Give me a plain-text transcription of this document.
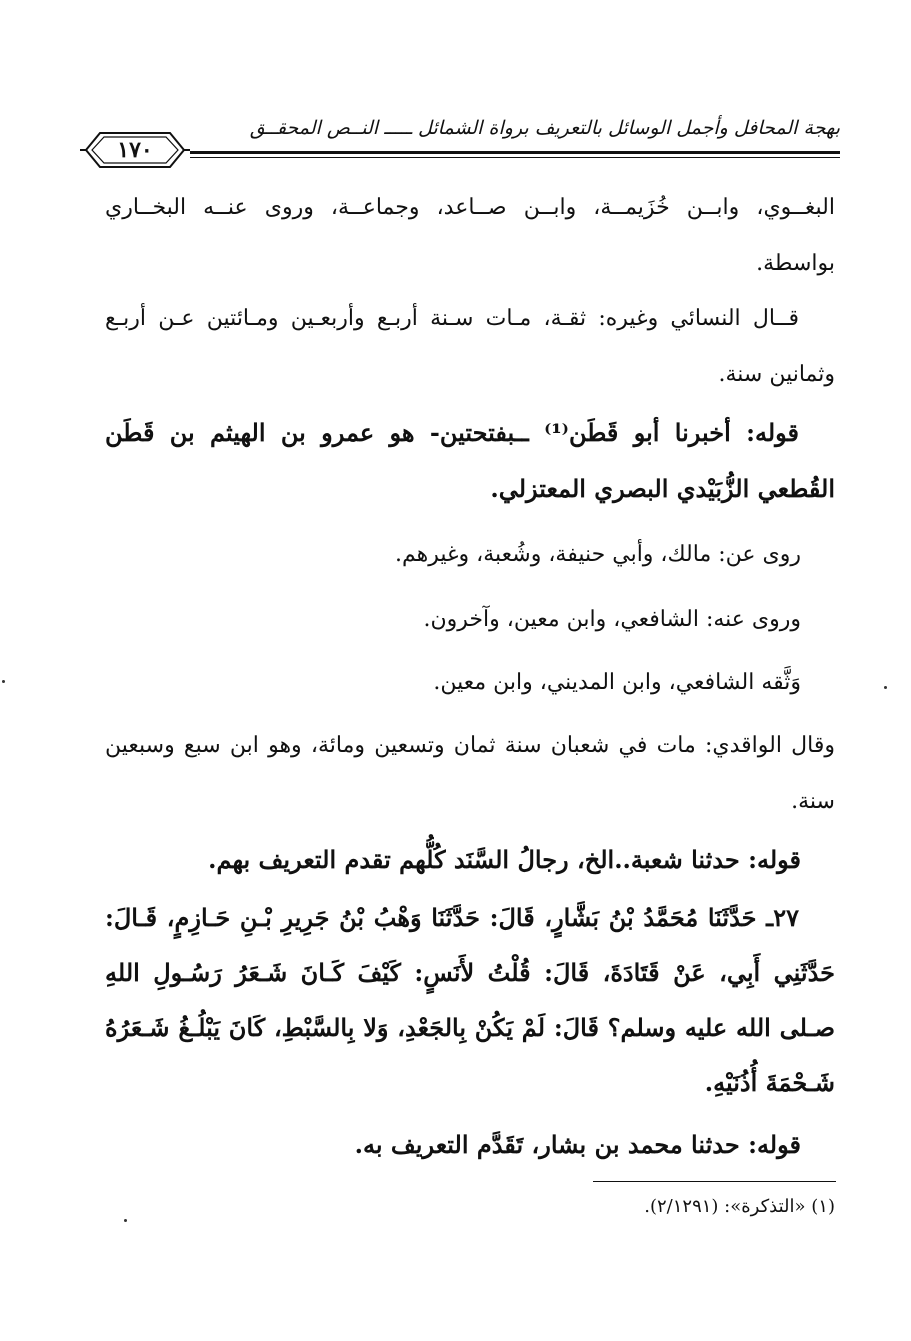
بهجة المحافل وأجمل الوسائل بالتعريف برواة الشمائل ـــــ النــص المحقــق
١٧٠
البغــوي، وابــن خُزَيمــة، وابــن صــاعد، وجماعــة، وروى عنــه البخــاري بواسطة.
قــال النسائي وغيره: ثقـة، مـات سـنة أربـع وأربعـين ومـائتين عـن أربـع وثمانين سنة.
قوله: أخبرنا أبو قَطَن⁽¹⁾ ــبفتحتين- هو عمرو بن الهيثم بن قَطَن القُطعي الزُّبَيْدي البصري المعتزلي.
روى عن: مالك، وأبي حنيفة، وشُعبة، وغيرهم.
وروى عنه: الشافعي، وابن معين، وآخرون.
وَثَّقه الشافعي، وابن المديني، وابن معين.
وقال الواقدي: مات في شعبان سنة ثمان وتسعين ومائة، وهو ابن سبع وسبعين سنة.
قوله: حدثنا شعبة..الخ، رجالُ السَّنَد كُلُّهم تقدم التعريف بهم.
٢٧ـ حَدَّثَنَا مُحَمَّدُ بْنُ بَشَّارٍ، قَالَ: حَدَّثَنَا وَهْبُ بْنُ جَرِيرِ بْـنِ حَـازِمٍ، قَـالَ: حَدَّثَنِي أَبِي، عَنْ قَتَادَةَ، قَالَ: قُلْتُ لأَنَسٍ: كَيْفَ كَـانَ شَـعَرُ رَسُـولِ اللهِ صـلى الله عليه وسلم؟ قَالَ: لَمْ يَكُنْ بِالجَعْدِ، وَلا بِالسَّبْطِ، كَانَ يَبْلُـغُ شَـعَرُهُ شَـحْمَةَ أُذُنَيْهِ.
قوله: حدثنا محمد بن بشار، تَقَدَّم التعريف به.
(١) «التذكرة»: (٢/١٢٩١).
